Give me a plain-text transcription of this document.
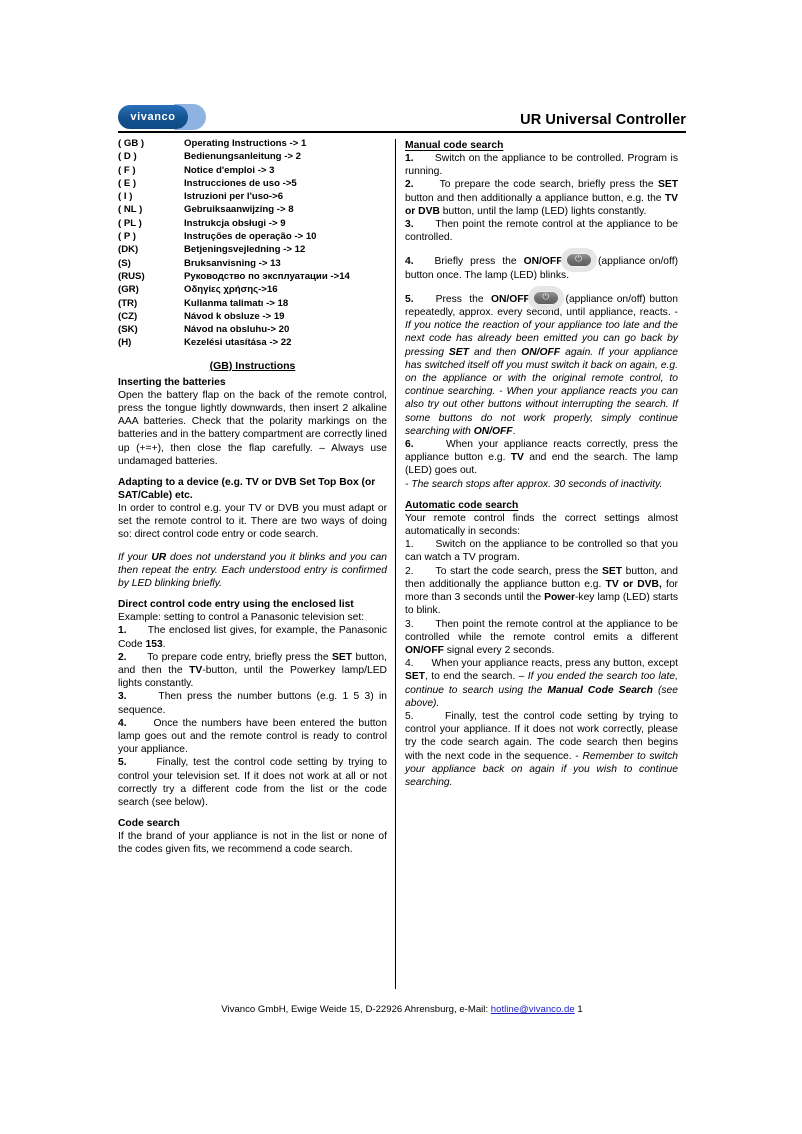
vivanco	UR Universal Controller
( GB )	Operating Instructions -> 1
( D )	Bedienungsanleitung -> 2
( F )	Notice d'emploi -> 3
( E )	Instrucciones de uso ->5
( I )	Istruzioni per l'uso->6
( NL )	Gebruiksaanwijzing -> 8
( PL )	Instrukcja obsługi -> 9
( P )	Instruções de operação -> 10
(DK)	Betjeningsvejledning -> 12
(S)	Bruksanvisning -> 13
(RUS)	Руководство по эксплуатации ->14
(GR)	Οδηγίες χρήσης->16
(TR)	Kullanma talimatı -> 18
(CZ)	Návod k obsluze -> 19
(SK)	Návod na obsluhu-> 20
(H)	Kezelési utasítása -> 22
(GB) Instructions
Inserting the batteries

Open the battery flap on the back of the remote control, press the tongue lightly downwards, then insert 2 alkaline AAA batteries. Check that the polarity markings on the batteries and in the battery compartment are correctly lined up (+=+), then close the flap carefully. – Always use undamaged batteries.

Adapting to a device (e.g. TV or DVB Set Top Box (or SAT/Cable) etc.

In order to control e.g. your TV or DVB you must adapt or set the remote control to it. There are two ways of doing so: direct control code entry or code search.

If your UR does not understand you it blinks and you can then repeat the entry. Each understood entry is confirmed by LED blinking briefly.

Direct control code entry using the enclosed list

Example: setting to control a Panasonic television set:

1.      The enclosed list gives, for example, the Panasonic Code 153.

2.      To prepare code entry, briefly press the SET button, and then the TV-button, until the Powerkey lamp/LED lights constantly.

3.      Then press the number buttons (e.g. 1 5 3) in sequence.

4.      Once the numbers have been entered the button lamp goes out and the remote control is ready to control your appliance.

5.      Finally, test the control code setting by trying to control your television set. If it does not work at all or not correctly try a different code from the list or the code search (see below).

Code search

If the brand of your appliance is not in the list or none of the codes given fits, we recommend a code search.

Manual code search

1.      Switch on the appliance to be controlled. Program is running.

2.      To prepare the code search, briefly press the SET button and then additionally a appliance button, e.g. the TV or DVB button, until the lamp (LED) lights constantly.

3.      Then point the remote control at the appliance to be controlled.

4.      Briefly  press  the  ON/OFF ⏻	(appliance on/off) button once. The lamp (LED) blinks.

5.      Press  the  ON/OFF ⏻	(appliance on/off) button repeatedly, approx. every second, until appliance, reacts. - If you notice the reaction of your appliance too late and the next code has already been emitted you can go back by pressing SET and then ON/OFF again. If your appliance has switched itself off you must switch it back on again, e.g. on the appliance or with the original remote control, to continue searching. - When your appliance reacts you can also try out other buttons without interrupting the search. If some buttons do not work properly, simply continue searching with ON/OFF.

6.      When your appliance reacts correctly, press the appliance button e.g. TV and end the search. The lamp (LED) goes out.

- The search stops after approx. 30 seconds of inactivity.

Automatic code search

Your remote control finds the correct settings almost automatically in seconds:

1.      Switch on the appliance to be controlled so that you can watch a TV program.

2.      To start the code search, press the SET button, and then additionally the appliance button e.g. TV or DVB, for more than 3 seconds until the Power-key lamp (LED) starts to blink.

3.      Then point the remote control at the appliance to be controlled while the remote control emits a different ON/OFF signal every 2 seconds.

4.      When your appliance reacts, press any button, except SET, to end the search. – If you ended the search too late, continue to search using the Manual Code Search (see above).

5.      Finally, test the control code setting by trying to control your appliance. If it does not work correctly, please try the code search again. The code search then begins with the next code in the sequence. - Remember to switch your appliance back on again if you wish to continue searching.

Vivanco GmbH, Ewige Weide 15, D-22926 Ahrensburg, e-Mail: hotline@vivanco.de 1
